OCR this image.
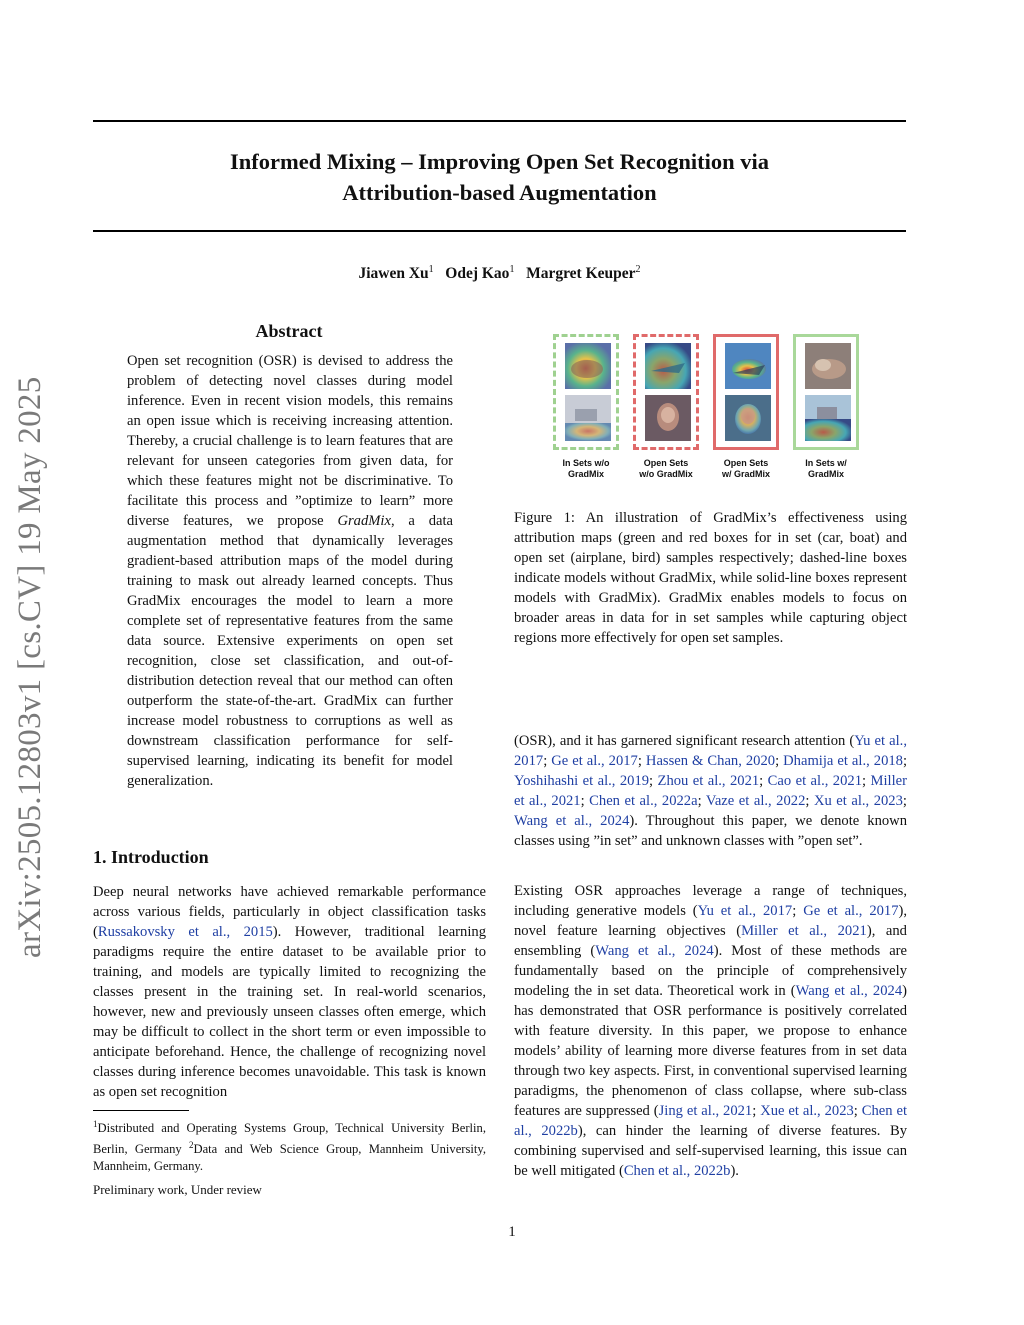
Informed Mixing – Improving Open Set Recognition via
Attribution-based Augmentation
Jiawen Xu$^1$ Odej Kao$^1$ Margret Keuper$^2$
arXiv:2505.12803v1 [cs.CV] 19 May 2025
Abstract
Open set recognition (OSR) is devised to address the problem of detecting novel classes during model inference. Even in recent vision models, this remains an open issue which is receiving increasing attention. Thereby, a crucial challenge is to learn features that are relevant for unseen categories from given data, for which these features might not be discriminative. To facilitate this process and ”optimize to learn” more diverse features, we propose GradMix, a data augmentation method that dynamically leverages gradient-based attribution maps of the model during training to mask out already learned concepts. Thus GradMix encourages the model to learn a more complete set of representative features from the same data source. Extensive experiments on open set recognition, close set classification, and out-of-distribution detection reveal that our method can often outperform the state-of-the-art. GradMix can further increase model robustness to corruptions as well as downstream classification performance for self-supervised learning, indicating its benefit for model generalization.
1. Introduction
Deep neural networks have achieved remarkable performance across various fields, particularly in object classification tasks (Russakovsky et al., 2015). However, traditional learning paradigms require the entire dataset to be available prior to training, and models are typically limited to recognizing the classes present in the training set. In real-world scenarios, however, new and previously unseen classes often emerge, which may be difficult to collect in the short term or even impossible to anticipate beforehand. Hence, the challenge of recognizing novel classes during inference becomes unavoidable. This task is known as open set recognition
$^1$Distributed and Operating Systems Group, Technical University Berlin, Berlin, Germany $^2$Data and Web Science Group, Mannheim University, Mannheim, Germany.
Preliminary work, Under review
In Sets w/o
GradMix
Open Sets
w/o GradMix
Open Sets
w/ GradMix
In Sets w/
GradMix
Figure 1: An illustration of GradMix’s effectiveness using attribution maps (green and red boxes for in set (car, boat) and open set (airplane, bird) samples respectively; dashed-line boxes indicate models without GradMix, while solid-line boxes represent models with GradMix). GradMix enables models to focus on broader areas in data for in set samples while capturing object regions more effectively for open set samples.
(OSR), and it has garnered significant research attention (Yu et al., 2017; Ge et al., 2017; Hassen & Chan, 2020; Dhamija et al., 2018; Yoshihashi et al., 2019; Zhou et al., 2021; Cao et al., 2021; Miller et al., 2021; Chen et al., 2022a; Vaze et al., 2022; Xu et al., 2023; Wang et al., 2024). Throughout this paper, we denote known classes using ”in set” and unknown classes with ”open set”.
Existing OSR approaches leverage a range of techniques, including generative models (Yu et al., 2017; Ge et al., 2017), novel feature learning objectives (Miller et al., 2021), and ensembling (Wang et al., 2024). Most of these methods are fundamentally based on the principle of comprehensively modeling the in set data. Theoretical work in (Wang et al., 2024) has demonstrated that OSR performance is positively correlated with feature diversity. In this paper, we propose to enhance models’ ability of learning more diverse features from in set data through two key aspects. First, in conventional supervised learning paradigms, the phenomenon of class collapse, where sub-class features are suppressed (Jing et al., 2021; Xue et al., 2023; Chen et al., 2022b), can hinder the learning of diverse features. By combining supervised and self-supervised learning, this issue can be well mitigated (Chen et al., 2022b).
1
